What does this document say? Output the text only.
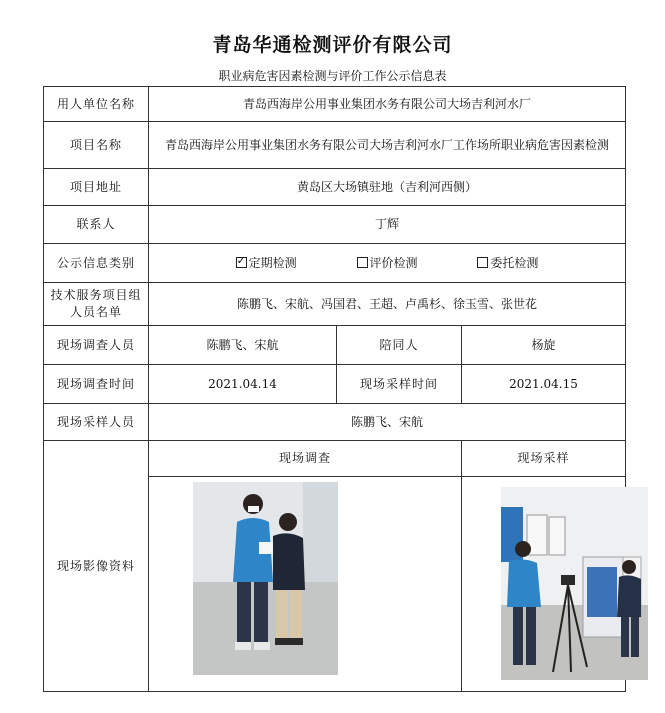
青岛华通检测评价有限公司
职业病危害因素检测与评价工作公示信息表
用人单位名称	青岛西海岸公用事业集团水务有限公司大场吉利河水厂		
项目名称	青岛西海岸公用事业集团水务有限公司大场吉利河水厂工作场所职业病危害因素检测		
项目地址	黄岛区大场镇驻地（吉利河西侧）		
联系人	丁辉		
公示信息类别	✓定期检测 评价检测 委托检测
技术服务项目组人员名单	陈鹏飞、宋航、冯国君、王超、卢禹杉、徐玉雪、张世花		
现场调查人员	陈鹏飞、宋航	陪同人	杨旋
现场调查时间	2021.04.14	现场采样时间	2021.04.15
现场采样人员	陈鹏飞、宋航		
现场影像资料	现场调查		现场采样
